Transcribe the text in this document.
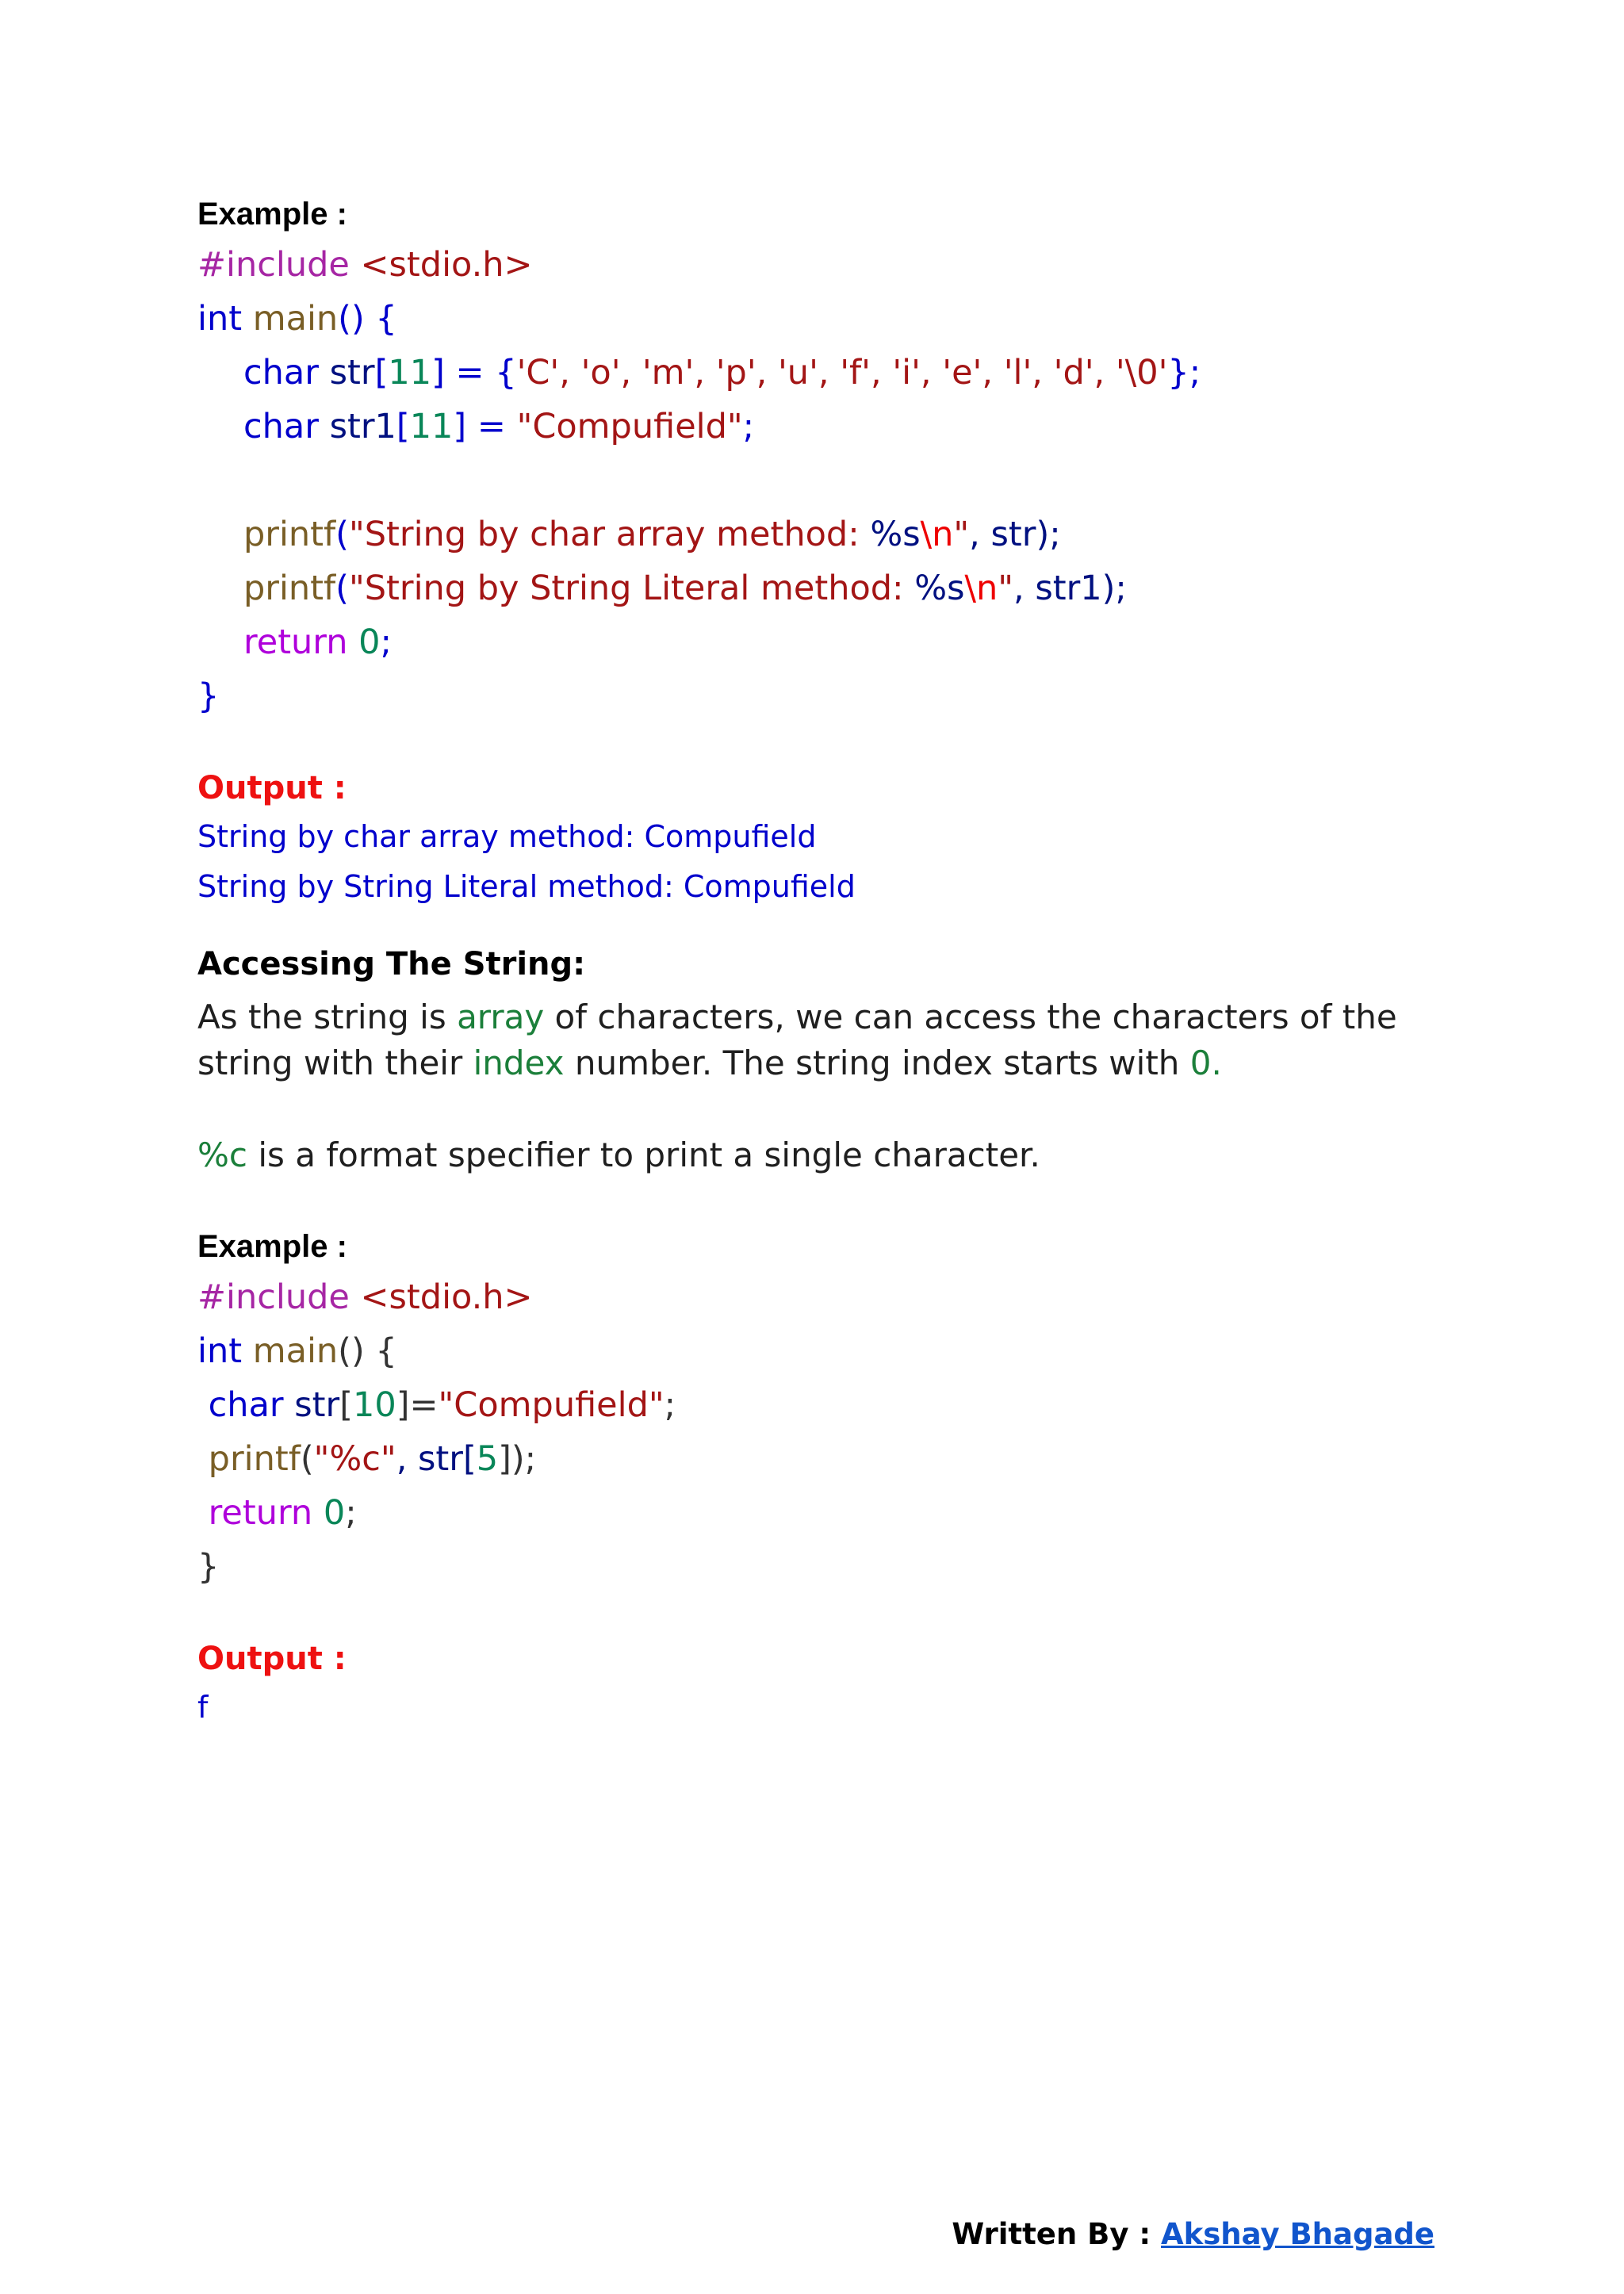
Example :
#include <stdio.h>
int main() {
char str[11] = {'C', 'o', 'm', 'p', 'u', 'f', 'i', 'e', 'l', 'd', '\0'};
char str1[11] = "Compufield";

printf("String by char array method: %s\n", str);
printf("String by String Literal method: %s\n", str1);
return 0;
}
Output :
String by char array method: Compufield
String by String Literal method: Compufield
Accessing The String:
As the string is array of characters, we can access the characters of the string with their index number. The string index starts with 0.
%c is a format specifier to print a single character.
Example :
#include <stdio.h>
int main() {
char str[10]="Compufield";
printf("%c", str[5]);
return 0;
}
Output :
f
Written By : Akshay Bhagade
